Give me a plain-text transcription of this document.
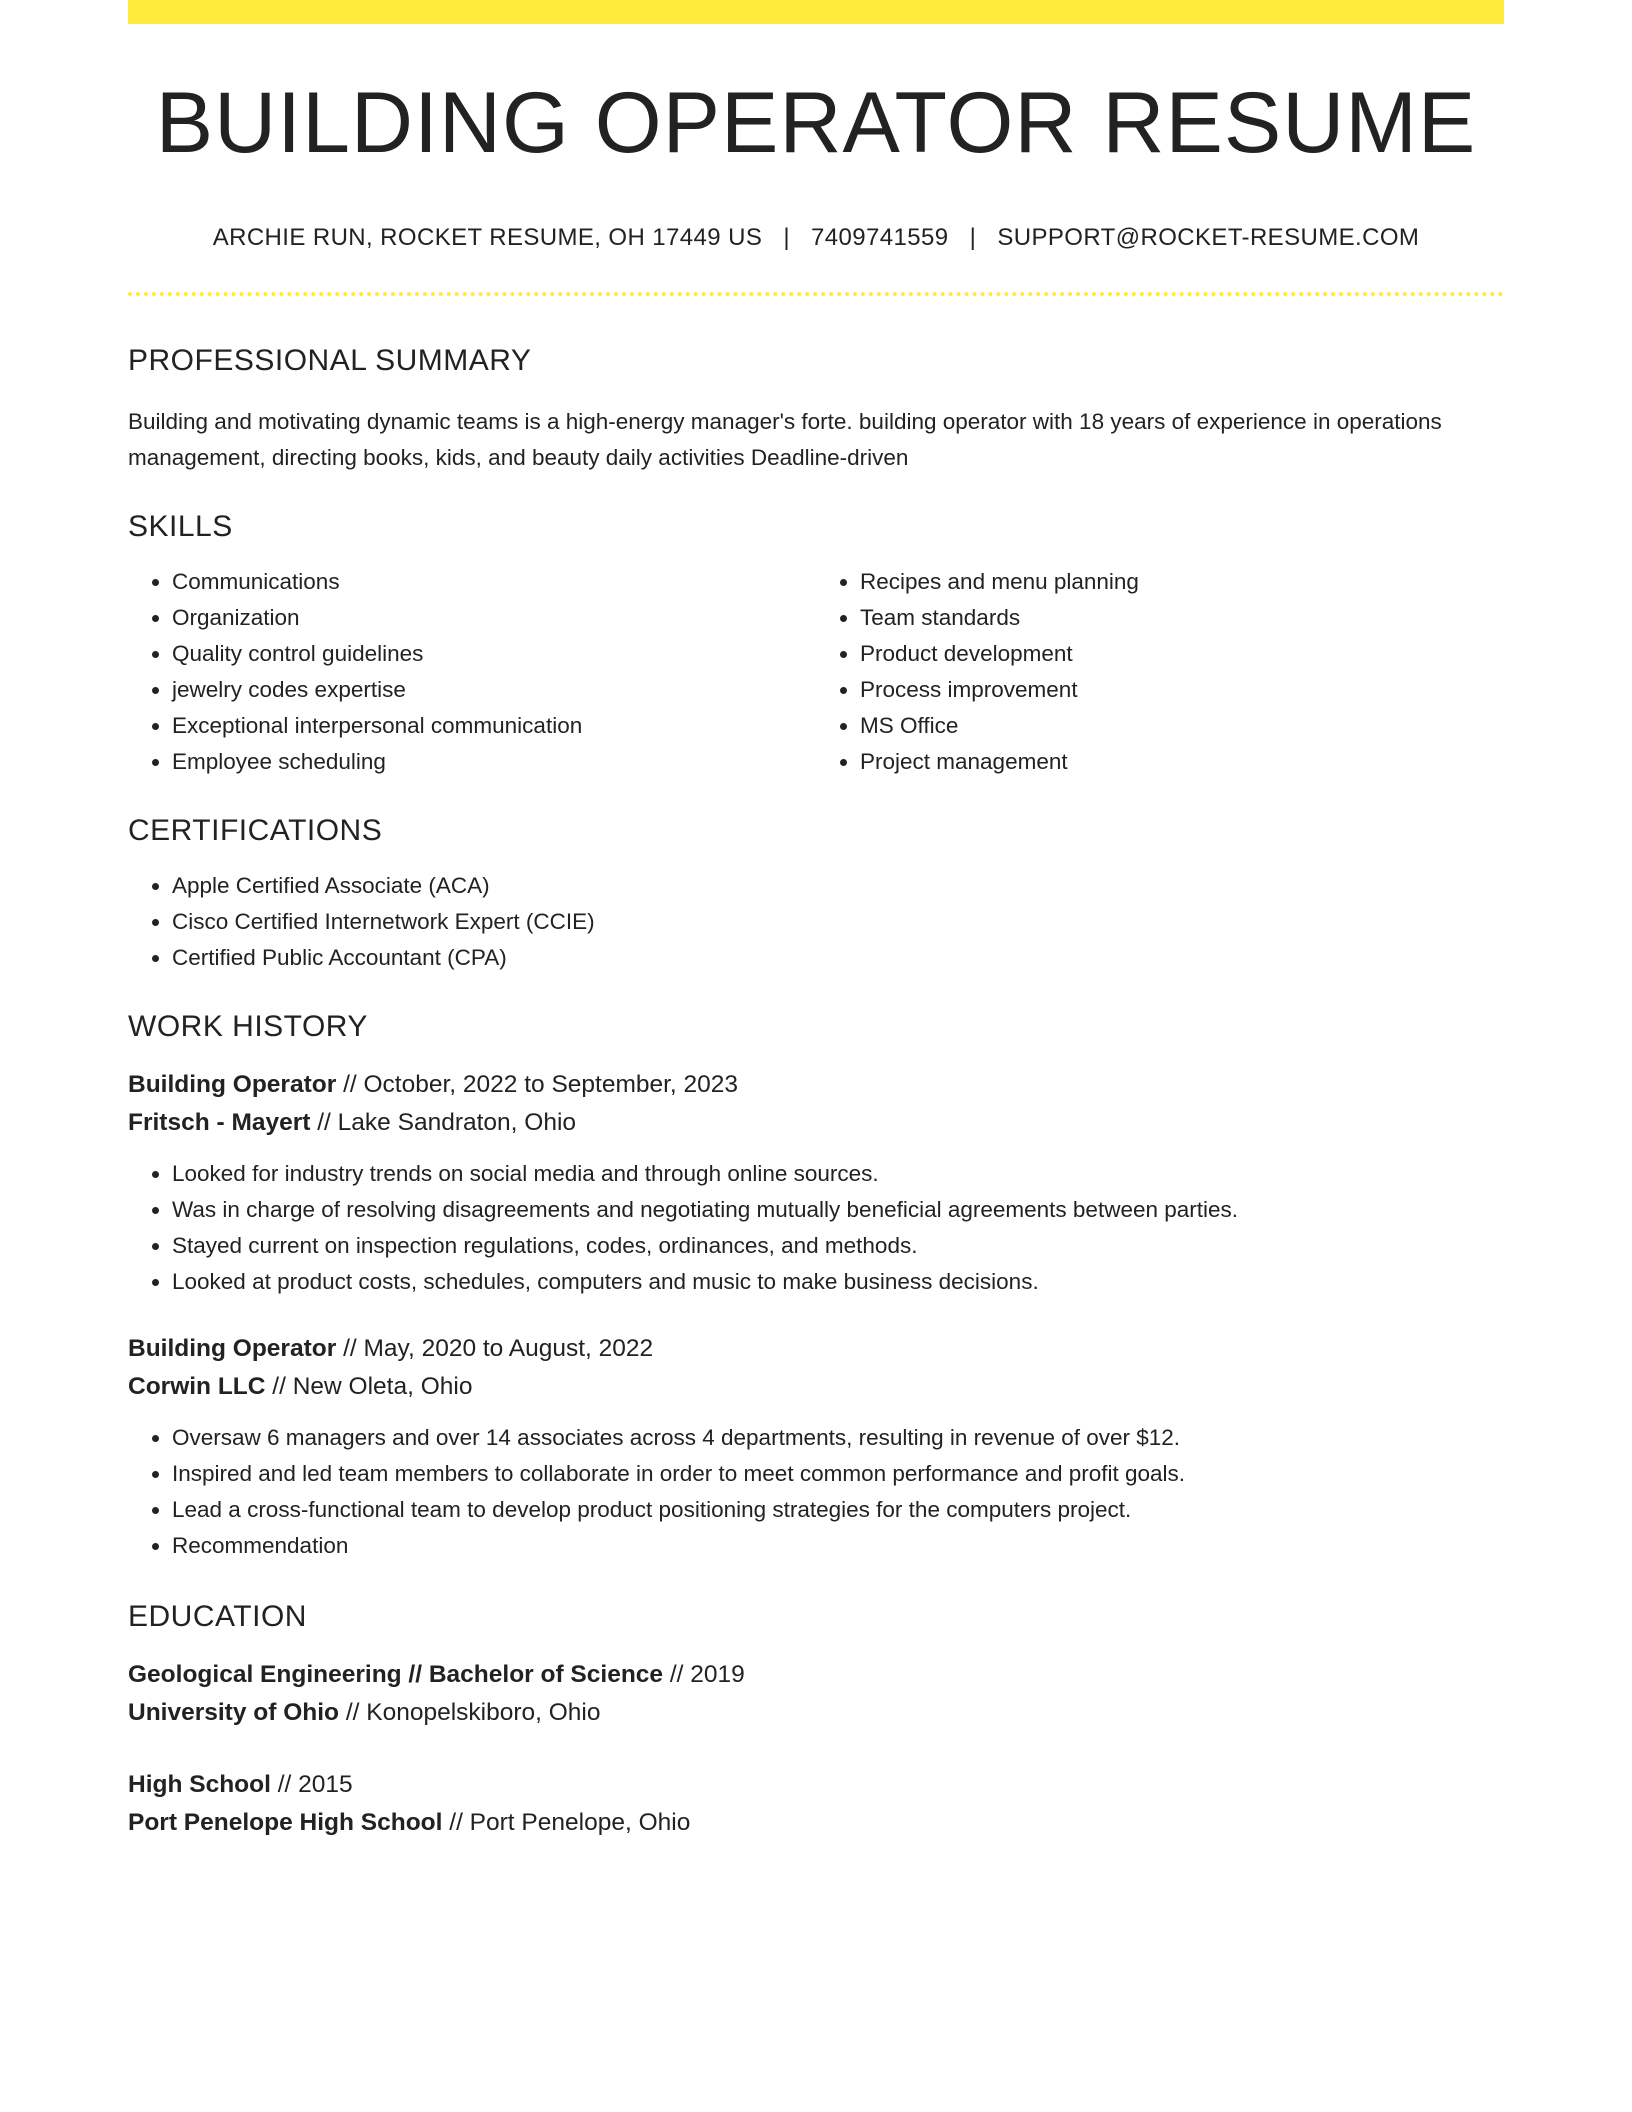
BUILDING OPERATOR RESUME
ARCHIE RUN, ROCKET RESUME, OH 17449 US | 7409741559 | SUPPORT@ROCKET-RESUME.COM
PROFESSIONAL SUMMARY
Building and motivating dynamic teams is a high-energy manager's forte. building operator with 18 years of experience in operations management, directing books, kids, and beauty daily activities Deadline-driven
SKILLS
• Communications
• Organization
• Quality control guidelines
• jewelry codes expertise
• Exceptional interpersonal communication
• Employee scheduling
• Recipes and menu planning
• Team standards
• Product development
• Process improvement
• MS Office
• Project management
CERTIFICATIONS
• Apple Certified Associate (ACA)
• Cisco Certified Internetwork Expert (CCIE)
• Certified Public Accountant (CPA)
WORK HISTORY
Building Operator // October, 2022 to September, 2023
Fritsch - Mayert // Lake Sandraton, Ohio
• Looked for industry trends on social media and through online sources.
• Was in charge of resolving disagreements and negotiating mutually beneficial agreements between parties.
• Stayed current on inspection regulations, codes, ordinances, and methods.
• Looked at product costs, schedules, computers and music to make business decisions.
Building Operator // May, 2020 to August, 2022
Corwin LLC // New Oleta, Ohio
• Oversaw 6 managers and over 14 associates across 4 departments, resulting in revenue of over $12.
• Inspired and led team members to collaborate in order to meet common performance and profit goals.
• Lead a cross-functional team to develop product positioning strategies for the computers project.
• Recommendation
EDUCATION
Geological Engineering // Bachelor of Science // 2019
University of Ohio // Konopelskiboro, Ohio
High School // 2015
Port Penelope High School // Port Penelope, Ohio
